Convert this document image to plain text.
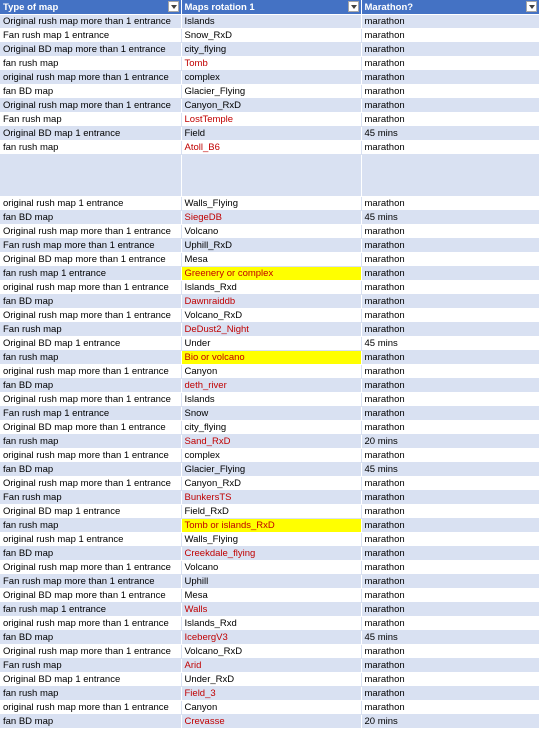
Type of map	Maps rotation 1	Marathon?

Original rush map more than 1 entrance	Islands	marathon
Fan rush map 1 entrance	Snow_RxD	marathon
Original BD map more than 1 entrance	city_flying	marathon
fan rush map	Tomb	marathon
original rush map more than 1 entrance	complex	marathon
fan BD map	Glacier_Flying	marathon
Original rush map more than 1 entrance	Canyon_RxD	marathon
Fan rush map	LostTemple	marathon
Original BD map 1 entrance	Field	45 mins
fan rush map	Atoll_B6	marathon

original rush map 1 entrance	Walls_Flying	marathon
fan BD map	SiegeDB	45 mins
Original rush map more than 1 entrance	Volcano	marathon
Fan rush map more than 1 entrance	Uphill_RxD	marathon
Original BD map more than 1 entrance	Mesa	marathon
fan rush map 1 entrance	Greenery or complex	marathon
original rush map more than 1 entrance	Islands_Rxd	marathon
fan BD map	Dawnraiddb	marathon
Original rush map more than 1 entrance	Volcano_RxD	marathon
Fan rush map	DeDust2_Night	marathon
Original BD map 1 entrance	Under	45 mins
fan rush map	Bio or volcano	marathon
original rush map more than 1 entrance	Canyon	marathon
fan BD map	deth_river	marathon
Original rush map more than 1 entrance	Islands	marathon
Fan rush map 1 entrance	Snow	marathon
Original BD map more than 1 entrance	city_flying	marathon
fan rush map	Sand_RxD	20 mins
original rush map more than 1 entrance	complex	marathon
fan BD map	Glacier_Flying	45 mins
Original rush map more than 1 entrance	Canyon_RxD	marathon
Fan rush map	BunkersTS	marathon
Original BD map 1 entrance	Field_RxD	marathon
fan rush map	Tomb or islands_RxD	marathon
original rush map 1 entrance	Walls_Flying	marathon
fan BD map	Creekdale_flying	marathon
Original rush map more than 1 entrance	Volcano	marathon
Fan rush map more than 1 entrance	Uphill	marathon
Original BD map more than 1 entrance	Mesa	marathon
fan rush map 1 entrance	Walls	marathon
original rush map more than 1 entrance	Islands_Rxd	marathon
fan BD map	IcebergV3	45 mins
Original rush map more than 1 entrance	Volcano_RxD	marathon
Fan rush map	Arid	marathon
Original BD map 1 entrance	Under_RxD	marathon
fan rush map	Field_3	marathon
original rush map more than 1 entrance	Canyon	marathon
fan BD map	Crevasse	20 mins
